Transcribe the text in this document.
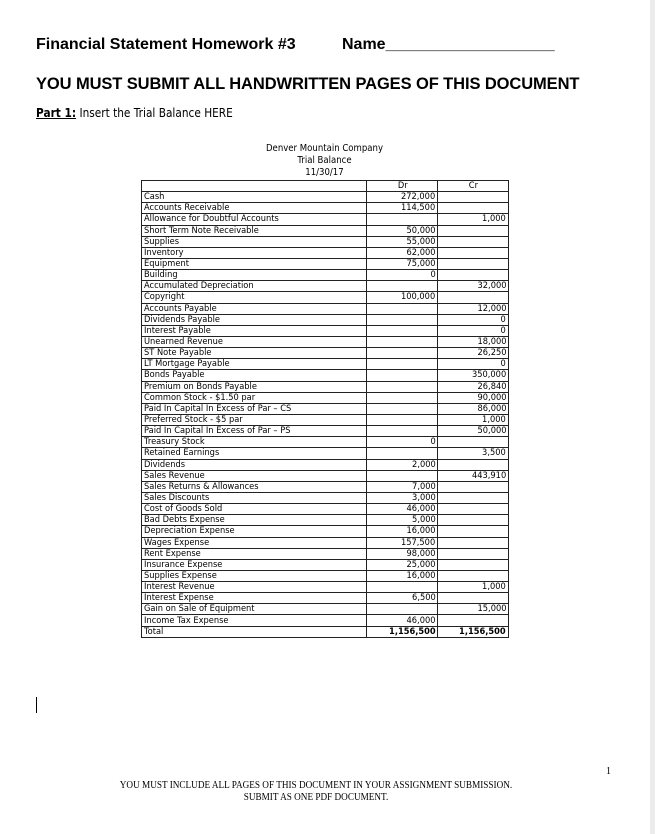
Financial Statement Homework #3	Name___________________
YOU MUST SUBMIT ALL HANDWRITTEN PAGES OF THIS DOCUMENT
Part 1: Insert the Trial Balance HERE
Denver Mountain Company
Trial Balance
11/30/17
	Dr	Cr
Cash	272,000	
Accounts Receivable	114,500	
Allowance for Doubtful Accounts		1,000
Short Term Note Receivable	50,000	
Supplies	55,000	
Inventory	62,000	
Equipment	75,000	
Building	0	
Accumulated Depreciation		32,000
Copyright	100,000	
Accounts Payable		12,000
Dividends Payable		0
Interest Payable		0
Unearned Revenue		18,000
ST Note Payable		26,250
LT Mortgage Payable		0
Bonds Payable		350,000
Premium on Bonds Payable		26,840
Common Stock - $1.50 par		90,000
Paid In Capital In Excess of Par – CS		86,000
Preferred Stock - $5 par		1,000
Paid In Capital In Excess of Par – PS		50,000
Treasury Stock	0	
Retained Earnings		3,500
Dividends	2,000	
Sales Revenue		443,910
Sales Returns & Allowances	7,000	
Sales Discounts	3,000	
Cost of Goods Sold	46,000	
Bad Debts Expense	5,000	
Depreciation Expense	16,000	
Wages Expense	157,500	
Rent Expense	98,000	
Insurance Expense	25,000	
Supplies Expense	16,000	
Interest Revenue		1,000
Interest Expense	6,500	
Gain on Sale of Equipment		15,000
Income Tax Expense	46,000	
Total	1,156,500	1,156,500
1
YOU MUST INCLUDE ALL PAGES OF THIS DOCUMENT IN YOUR ASSIGNMENT SUBMISSION.
SUBMIT AS ONE PDF DOCUMENT.
